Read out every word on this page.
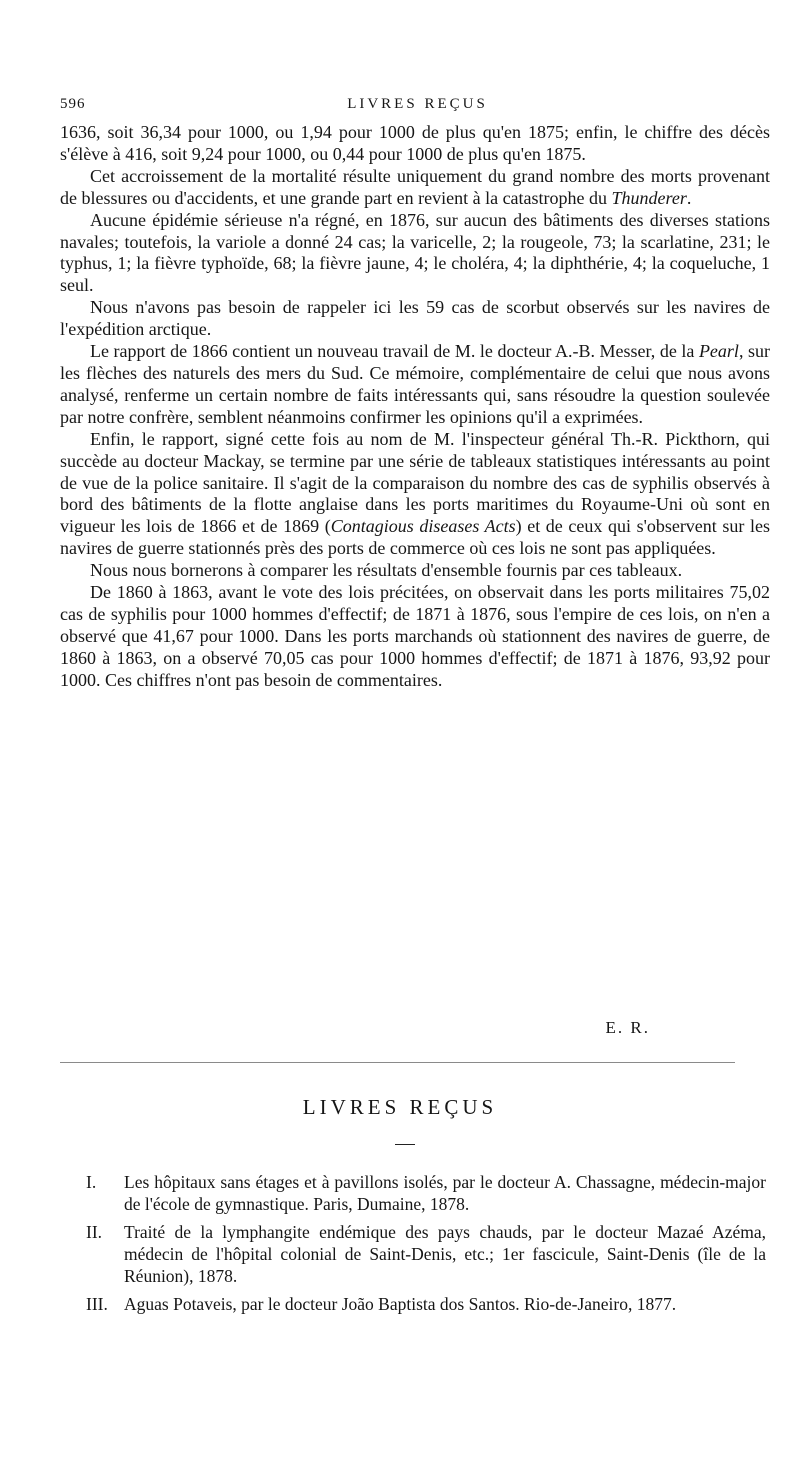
596	LIVRES REÇUS

1636, soit 36,34 pour 1000, ou 1,94 pour 1000 de plus qu'en 1875; enfin, le chiffre des décès s'élève à 416, soit 9,24 pour 1000, ou 0,44 pour 1000 de plus qu'en 1875.

Cet accroissement de la mortalité résulte uniquement du grand nombre des morts provenant de blessures ou d'accidents, et une grande part en revient à la catastrophe du Thunderer.

Aucune épidémie sérieuse n'a régné, en 1876, sur aucun des bâtiments des diverses stations navales; toutefois, la variole a donné 24 cas; la varicelle, 2; la rougeole, 73; la scarlatine, 231; le typhus, 1; la fièvre typhoïde, 68; la fièvre jaune, 4; le choléra, 4; la diphthérie, 4; la coqueluche, 1 seul.

Nous n'avons pas besoin de rappeler ici les 59 cas de scorbut observés sur les navires de l'expédition arctique.

Le rapport de 1866 contient un nouveau travail de M. le docteur A.-B. Messer, de la Pearl, sur les flèches des naturels des mers du Sud. Ce mémoire, complémentaire de celui que nous avons analysé, renferme un certain nombre de faits intéressants qui, sans résoudre la question soulevée par notre confrère, semblent néanmoins confirmer les opinions qu'il a exprimées.

Enfin, le rapport, signé cette fois au nom de M. l'inspecteur général Th.-R. Pickthorn, qui succède au docteur Mackay, se termine par une série de tableaux statistiques intéressants au point de vue de la police sanitaire. Il s'agit de la comparaison du nombre des cas de syphilis observés à bord des bâtiments de la flotte anglaise dans les ports maritimes du Royaume-Uni où sont en vigueur les lois de 1866 et de 1869 (Contagious diseases Acts) et de ceux qui s'observent sur les navires de guerre stationnés près des ports de commerce où ces lois ne sont pas appliquées.

Nous nous bornerons à comparer les résultats d'ensemble fournis par ces tableaux.

De 1860 à 1863, avant le vote des lois précitées, on observait dans les ports militaires 75,02 cas de syphilis pour 1000 hommes d'effectif; de 1871 à 1876, sous l'empire de ces lois, on n'en a observé que 41,67 pour 1000. Dans les ports marchands où stationnent des navires de guerre, de 1860 à 1863, on a observé 70,05 cas pour 1000 hommes d'effectif; de 1871 à 1876, 93,92 pour 1000. Ces chiffres n'ont pas besoin de commentaires.

E. R.
LIVRES REÇUS

I. Les hôpitaux sans étages et à pavillons isolés, par le docteur A. Chassagne, médecin-major de l'école de gymnastique. Paris, Dumaine, 1878.

II. Traité de la lymphangite endémique des pays chauds, par le docteur Mazaé Azéma, médecin de l'hôpital colonial de Saint-Denis, etc.; 1er fascicule, Saint-Denis (île de la Réunion), 1878.

III. Aguas Potaveis, par le docteur João Baptista dos Santos. Rio-de-Janeiro, 1877.
